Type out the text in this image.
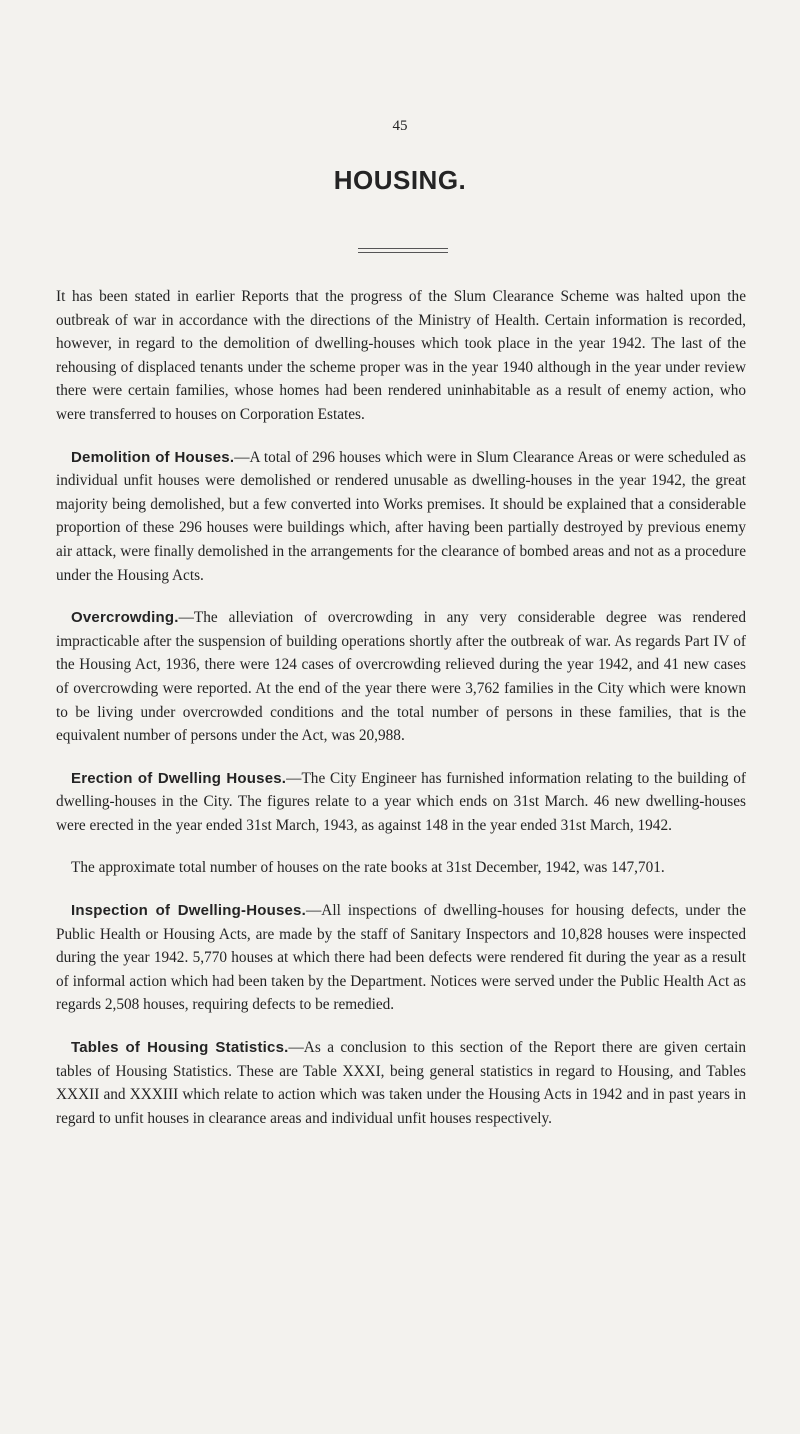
45
HOUSING.

It has been stated in earlier Reports that the progress of the Slum Clearance Scheme was halted upon the outbreak of war in accordance with the directions of the Ministry of Health. Certain information is recorded, however, in regard to the demolition of dwelling-houses which took place in the year 1942. The last of the rehousing of displaced tenants under the scheme proper was in the year 1940 although in the year under review there were certain families, whose homes had been rendered uninhabitable as a result of enemy action, who were transferred to houses on Corporation Estates.

Demolition of Houses.—A total of 296 houses which were in Slum Clearance Areas or were scheduled as individual unfit houses were demolished or rendered unusable as dwelling-houses in the year 1942, the great majority being demolished, but a few converted into Works premises. It should be explained that a considerable proportion of these 296 houses were buildings which, after having been partially destroyed by previous enemy air attack, were finally demolished in the arrangements for the clearance of bombed areas and not as a procedure under the Housing Acts.

Overcrowding.—The alleviation of overcrowding in any very considerable degree was rendered impracticable after the suspension of building operations shortly after the outbreak of war. As regards Part IV of the Housing Act, 1936, there were 124 cases of overcrowding relieved during the year 1942, and 41 new cases of overcrowding were reported. At the end of the year there were 3,762 families in the City which were known to be living under overcrowded conditions and the total number of persons in these families, that is the equivalent number of persons under the Act, was 20,988.

Erection of Dwelling Houses.—The City Engineer has furnished information relating to the building of dwelling-houses in the City. The figures relate to a year which ends on 31st March. 46 new dwelling-houses were erected in the year ended 31st March, 1943, as against 148 in the year ended 31st March, 1942.

The approximate total number of houses on the rate books at 31st December, 1942, was 147,701.

Inspection of Dwelling-Houses.—All inspections of dwelling-houses for housing defects, under the Public Health or Housing Acts, are made by the staff of Sanitary Inspectors and 10,828 houses were inspected during the year 1942. 5,770 houses at which there had been defects were rendered fit during the year as a result of informal action which had been taken by the Department. Notices were served under the Public Health Act as regards 2,508 houses, requiring defects to be remedied.

Tables of Housing Statistics.—As a conclusion to this section of the Report there are given certain tables of Housing Statistics. These are Table XXXI, being general statistics in regard to Housing, and Tables XXXII and XXXIII which relate to action which was taken under the Housing Acts in 1942 and in past years in regard to unfit houses in clearance areas and individual unfit houses respectively.
